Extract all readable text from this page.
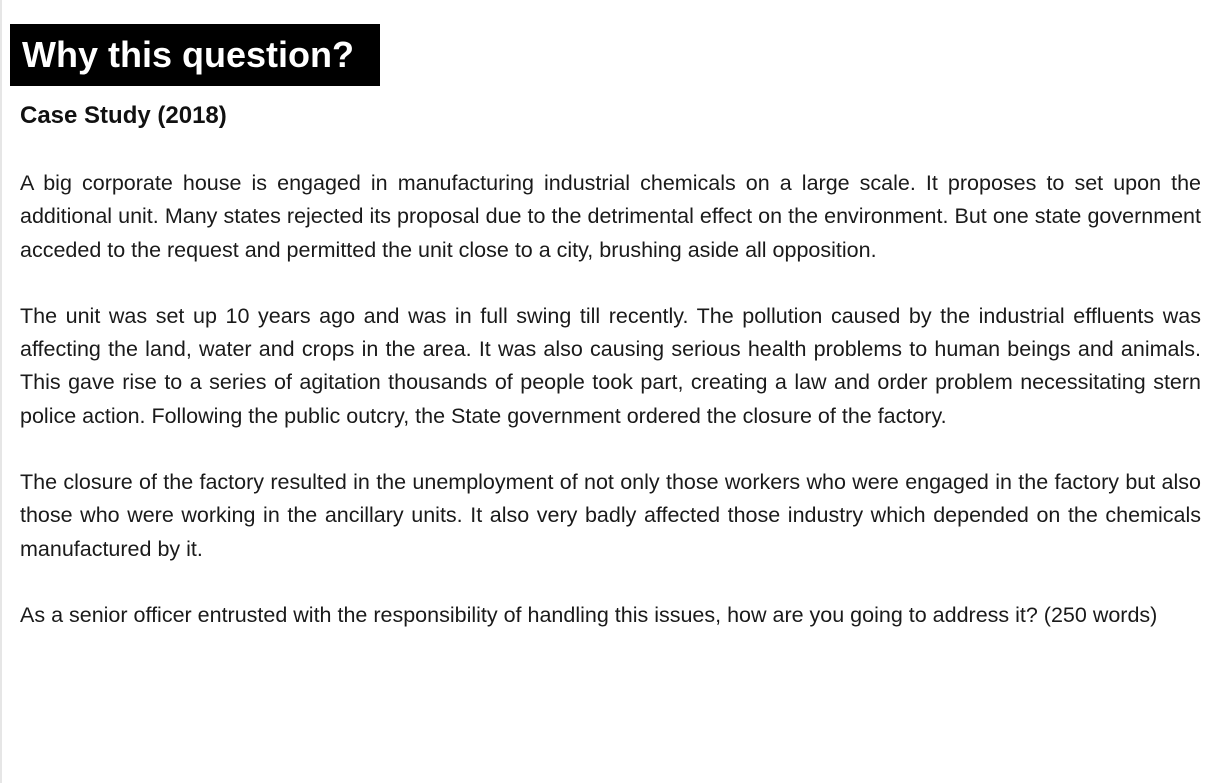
Why this question?
Case Study (2018)

A big corporate house is engaged in manufacturing industrial chemicals on a large scale. It proposes to set upon the additional unit. Many states rejected its proposal due to the detrimental effect on the environment. But one state government acceded to the request and permitted the unit close to a city, brushing aside all opposition.

The unit was set up 10 years ago and was in full swing till recently. The pollution caused by the industrial effluents was affecting the land, water and crops in the area. It was also causing serious health problems to human beings and animals. This gave rise to a series of agitation thousands of people took part, creating a law and order problem necessitating stern police action. Following the public outcry, the State government ordered the closure of the factory.

The closure of the factory resulted in the unemployment of not only those workers who were engaged in the factory but also those who were working in the ancillary units. It also very badly affected those industry which depended on the chemicals manufactured by it.

As a senior officer entrusted with the responsibility of handling this issues, how are you going to address it? (250 words)
